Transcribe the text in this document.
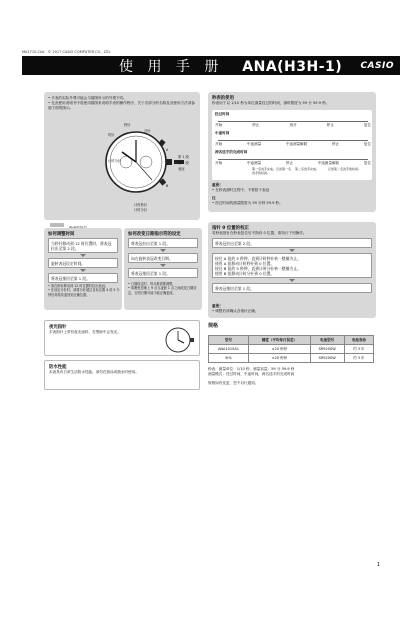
MA1710-CkA © 2017 CASIO COMPUTER CO., LTD.
使 用 手 册 ANA(H3H-1) CASIO
• 手表的实际外观可能会与插图所示的外观不同。
• 在此使用说明书中将使用插图来说明手表的操作程序，关于各部分的名称及其使用方法请参阅下面的图示。
秒针
时针
分针
A
第 1 段
第 2 段
表冠
B
计时分针
计时秒针
计时分针
秒表的使用
秒表用于以 1/10 秒为单位测量经过的时间，测时限度为 59 分 59.9 秒。
经过时间
开始	停止	再开	停止	复位
中途时间
开始	中途测量	中途测量解除	停止	复位
两名选手的完成时间
开始	中途测量	停止	中途测量解除	复位
第一名选手完成。记录第一名选手的时间。
第二名选手完成。	记录第二名选手的时间。
重要！
• 在秒表测时过程中，不要按下表冠
注
• 经过时间的测量限度为 59 分钟 59.9 秒。
如何调整时间
当秒针移动到 12 时位置时，将表冠拉出至第 2 段。
旋转表冠设定时间。
将表冠推回至第 1 段。
• 请在秒针移动到 12 时位置时拉出表冠。
• 在设定分针时，请将分针超过目标位置 4 或 5 分钟后再将其退回到正确位置。
如何改变日期指示符的设定
将表冠拉出至第 1 段。
向右旋转表冠改变日期。
将表冠推回至第 1 段。
• 日期设定时，每月都需要调整。
• 请避免在晚上 9 点与凌晨 1 点之间改变日期设定，否则日期可能不能正确更改。
指针 0 位置的校正
若秒表指针在秒表复位后不指向 0 位置，请执行下列操作。
将表冠拉出至第 2 段。
按住 A 钮约 5 秒钟，直到计时秒针转一整圈为止。
使用 A 钮移动计时秒针到 0 位置。
按住 B 钮约 5 秒钟，直到计时分针转一整圈为止。
使用 B 钮移动计时分针到 0 位置。
将表冠推回至第 1 段。
重要！
• 调整后请确认各指针正确。
夜光指针
手表指针上带有夜光涂料，在黑暗中会发光。
防水性能
本表具有日常生活防水性能。请勿在游泳或潜水时使用。
规格
型号	精度（平均每月误差）	电池型号	电池寿命
ANA1015A1	±20 秒钟	SR920SW	约 3 年
3H1	±20 秒钟	SR920SW	约 3 年
秒表：测量单位：1/10 秒，测量容量：59 分 59.9 秒
测量模式：经过时间，中途时间，两名选手的完成时间
规格如有变更，恕不另行通知。
1
